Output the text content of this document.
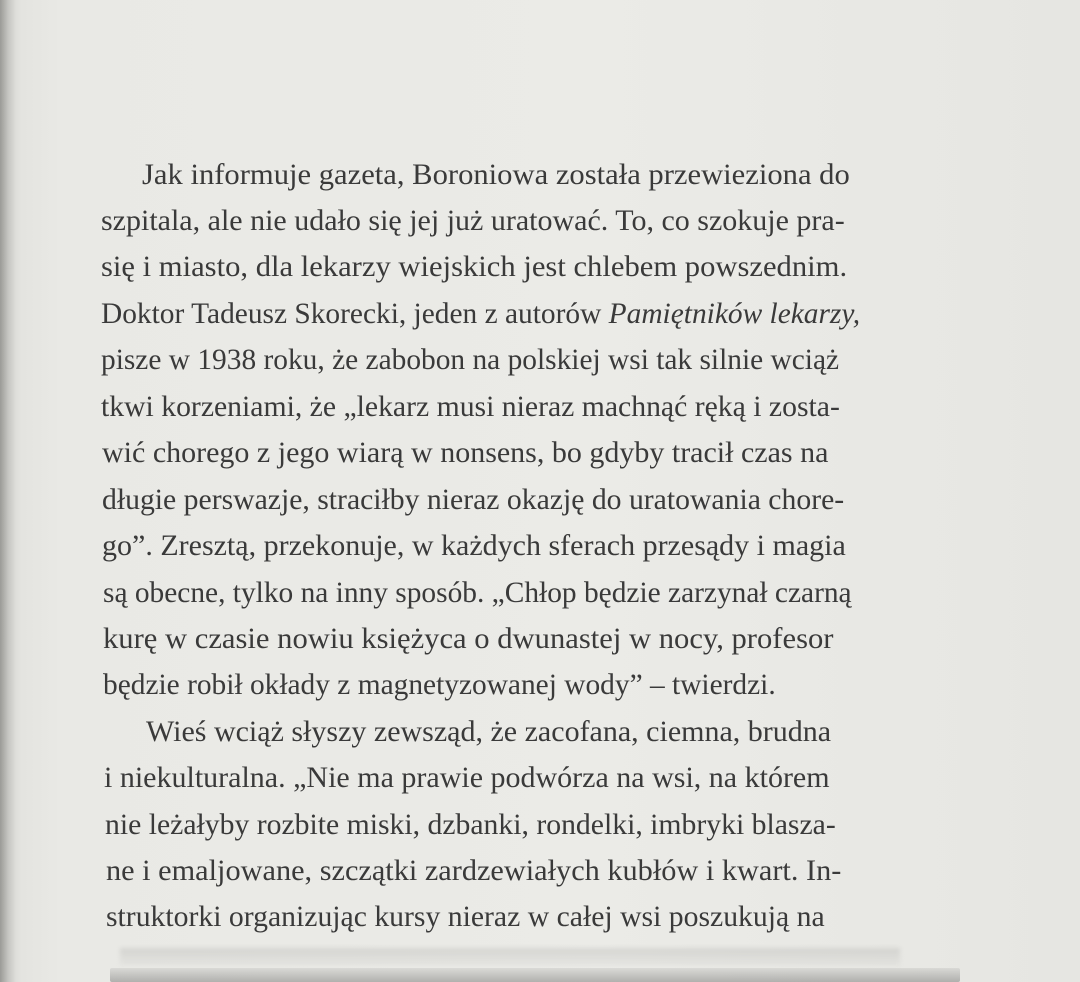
Jak informuje gazeta, Boroniowa została przewieziona do
szpitala, ale nie udało się jej już uratować. To, co szokuje pra-
się i miasto, dla lekarzy wiejskich jest chlebem powszednim.
Doktor Tadeusz Skorecki, jeden z autorów Pamiętników lekarzy,
pisze w 1938 roku, że zabobon na polskiej wsi tak silnie wciąż
tkwi korzeniami, że „lekarz musi nieraz machnąć ręką i zosta-
wić chorego z jego wiarą w nonsens, bo gdyby tracił czas na
długie perswazje, straciłby nieraz okazję do uratowania chore-
go”. Zresztą, przekonuje, w każdych sferach przesądy i magia
są obecne, tylko na inny sposób. „Chłop będzie zarzynał czarną
kurę w czasie nowiu księżyca o dwunastej w nocy, profesor
będzie robił okłady z magnetyzowanej wody” – twierdzi.
Wieś wciąż słyszy zewsząd, że zacofana, ciemna, brudna
i niekulturalna. „Nie ma prawie podwórza na wsi, na którem
nie leżałyby rozbite miski, dzbanki, rondelki, imbryki blasza-
ne i emaljowane, szczątki zardzewiałych kubłów i kwart. In-
struktorki organizując kursy nieraz w całej wsi poszukują na
